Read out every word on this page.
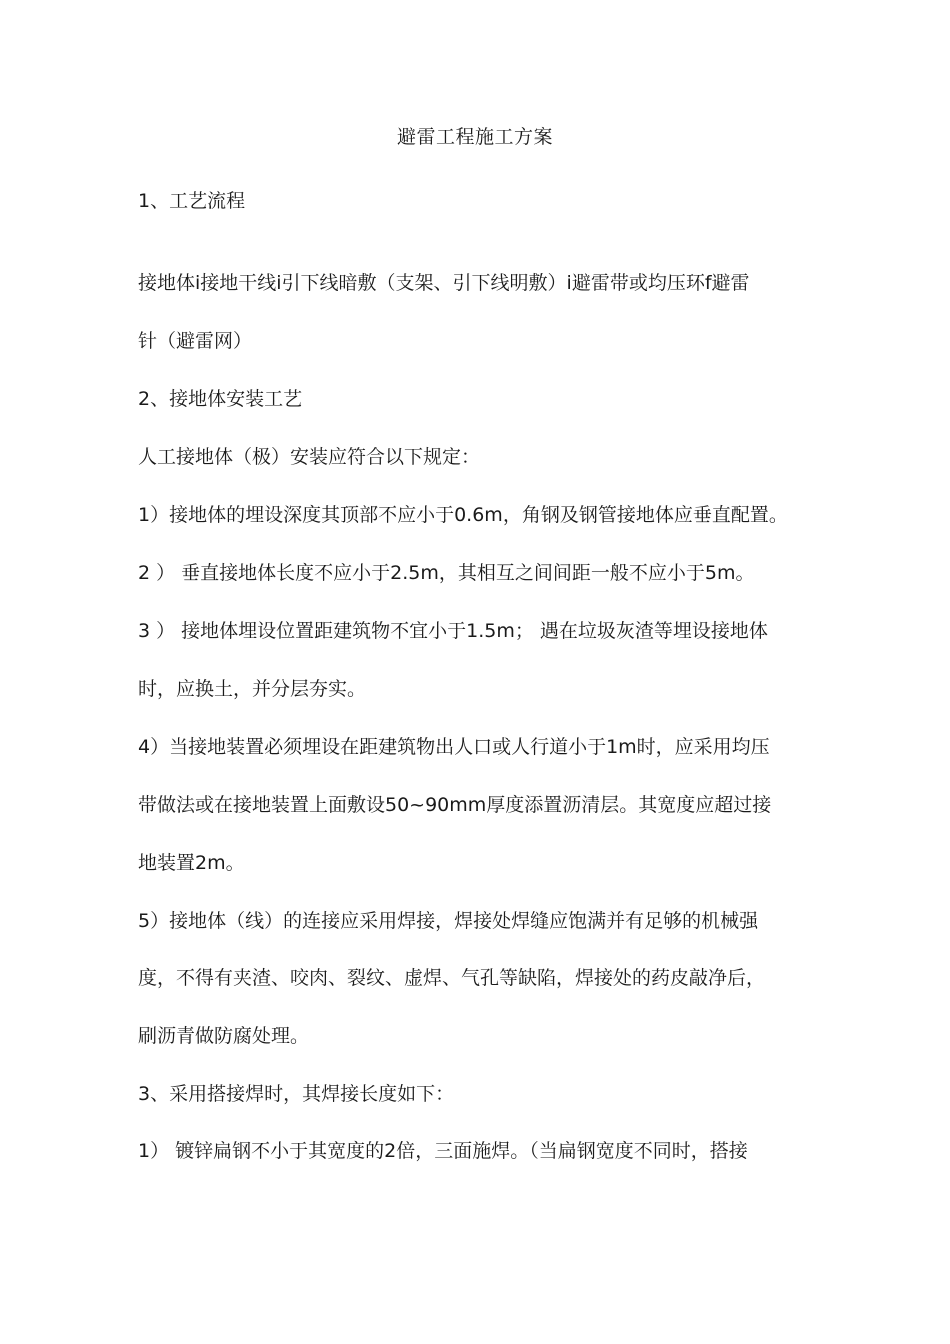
避雷工程施工方案
1、工艺流程
接地体i接地干线i引下线暗敷（支架、引下线明敷）i避雷带或均压环f避雷
针（避雷网）
2、接地体安装工艺
人工接地体（极）安装应符合以下规定：
1）接地体的埋设深度其顶部不应小于0.6m，角钢及钢管接地体应垂直配置。
2 ） 垂直接地体长度不应小于2.5m，其相互之间间距一般不应小于5m。
3 ） 接地体埋设位置距建筑物不宜小于1.5m； 遇在垃圾灰渣等埋设接地体
时，应换土，并分层夯实。
4）当接地装置必须埋设在距建筑物出人口或人行道小于1m时，应采用均压
带做法或在接地装置上面敷设50~90mm厚度添置沥清层。其宽度应超过接
地装置2m。
5）接地体（线）的连接应采用焊接，焊接处焊缝应饱满并有足够的机械强
度，不得有夹渣、咬肉、裂纹、虚焊、气孔等缺陷，焊接处的药皮敲净后，
刷沥青做防腐处理。
3、采用搭接焊时，其焊接长度如下：
1） 镀锌扁钢不小于其宽度的2倍，三面施焊。（当扁钢宽度不同时，搭接
